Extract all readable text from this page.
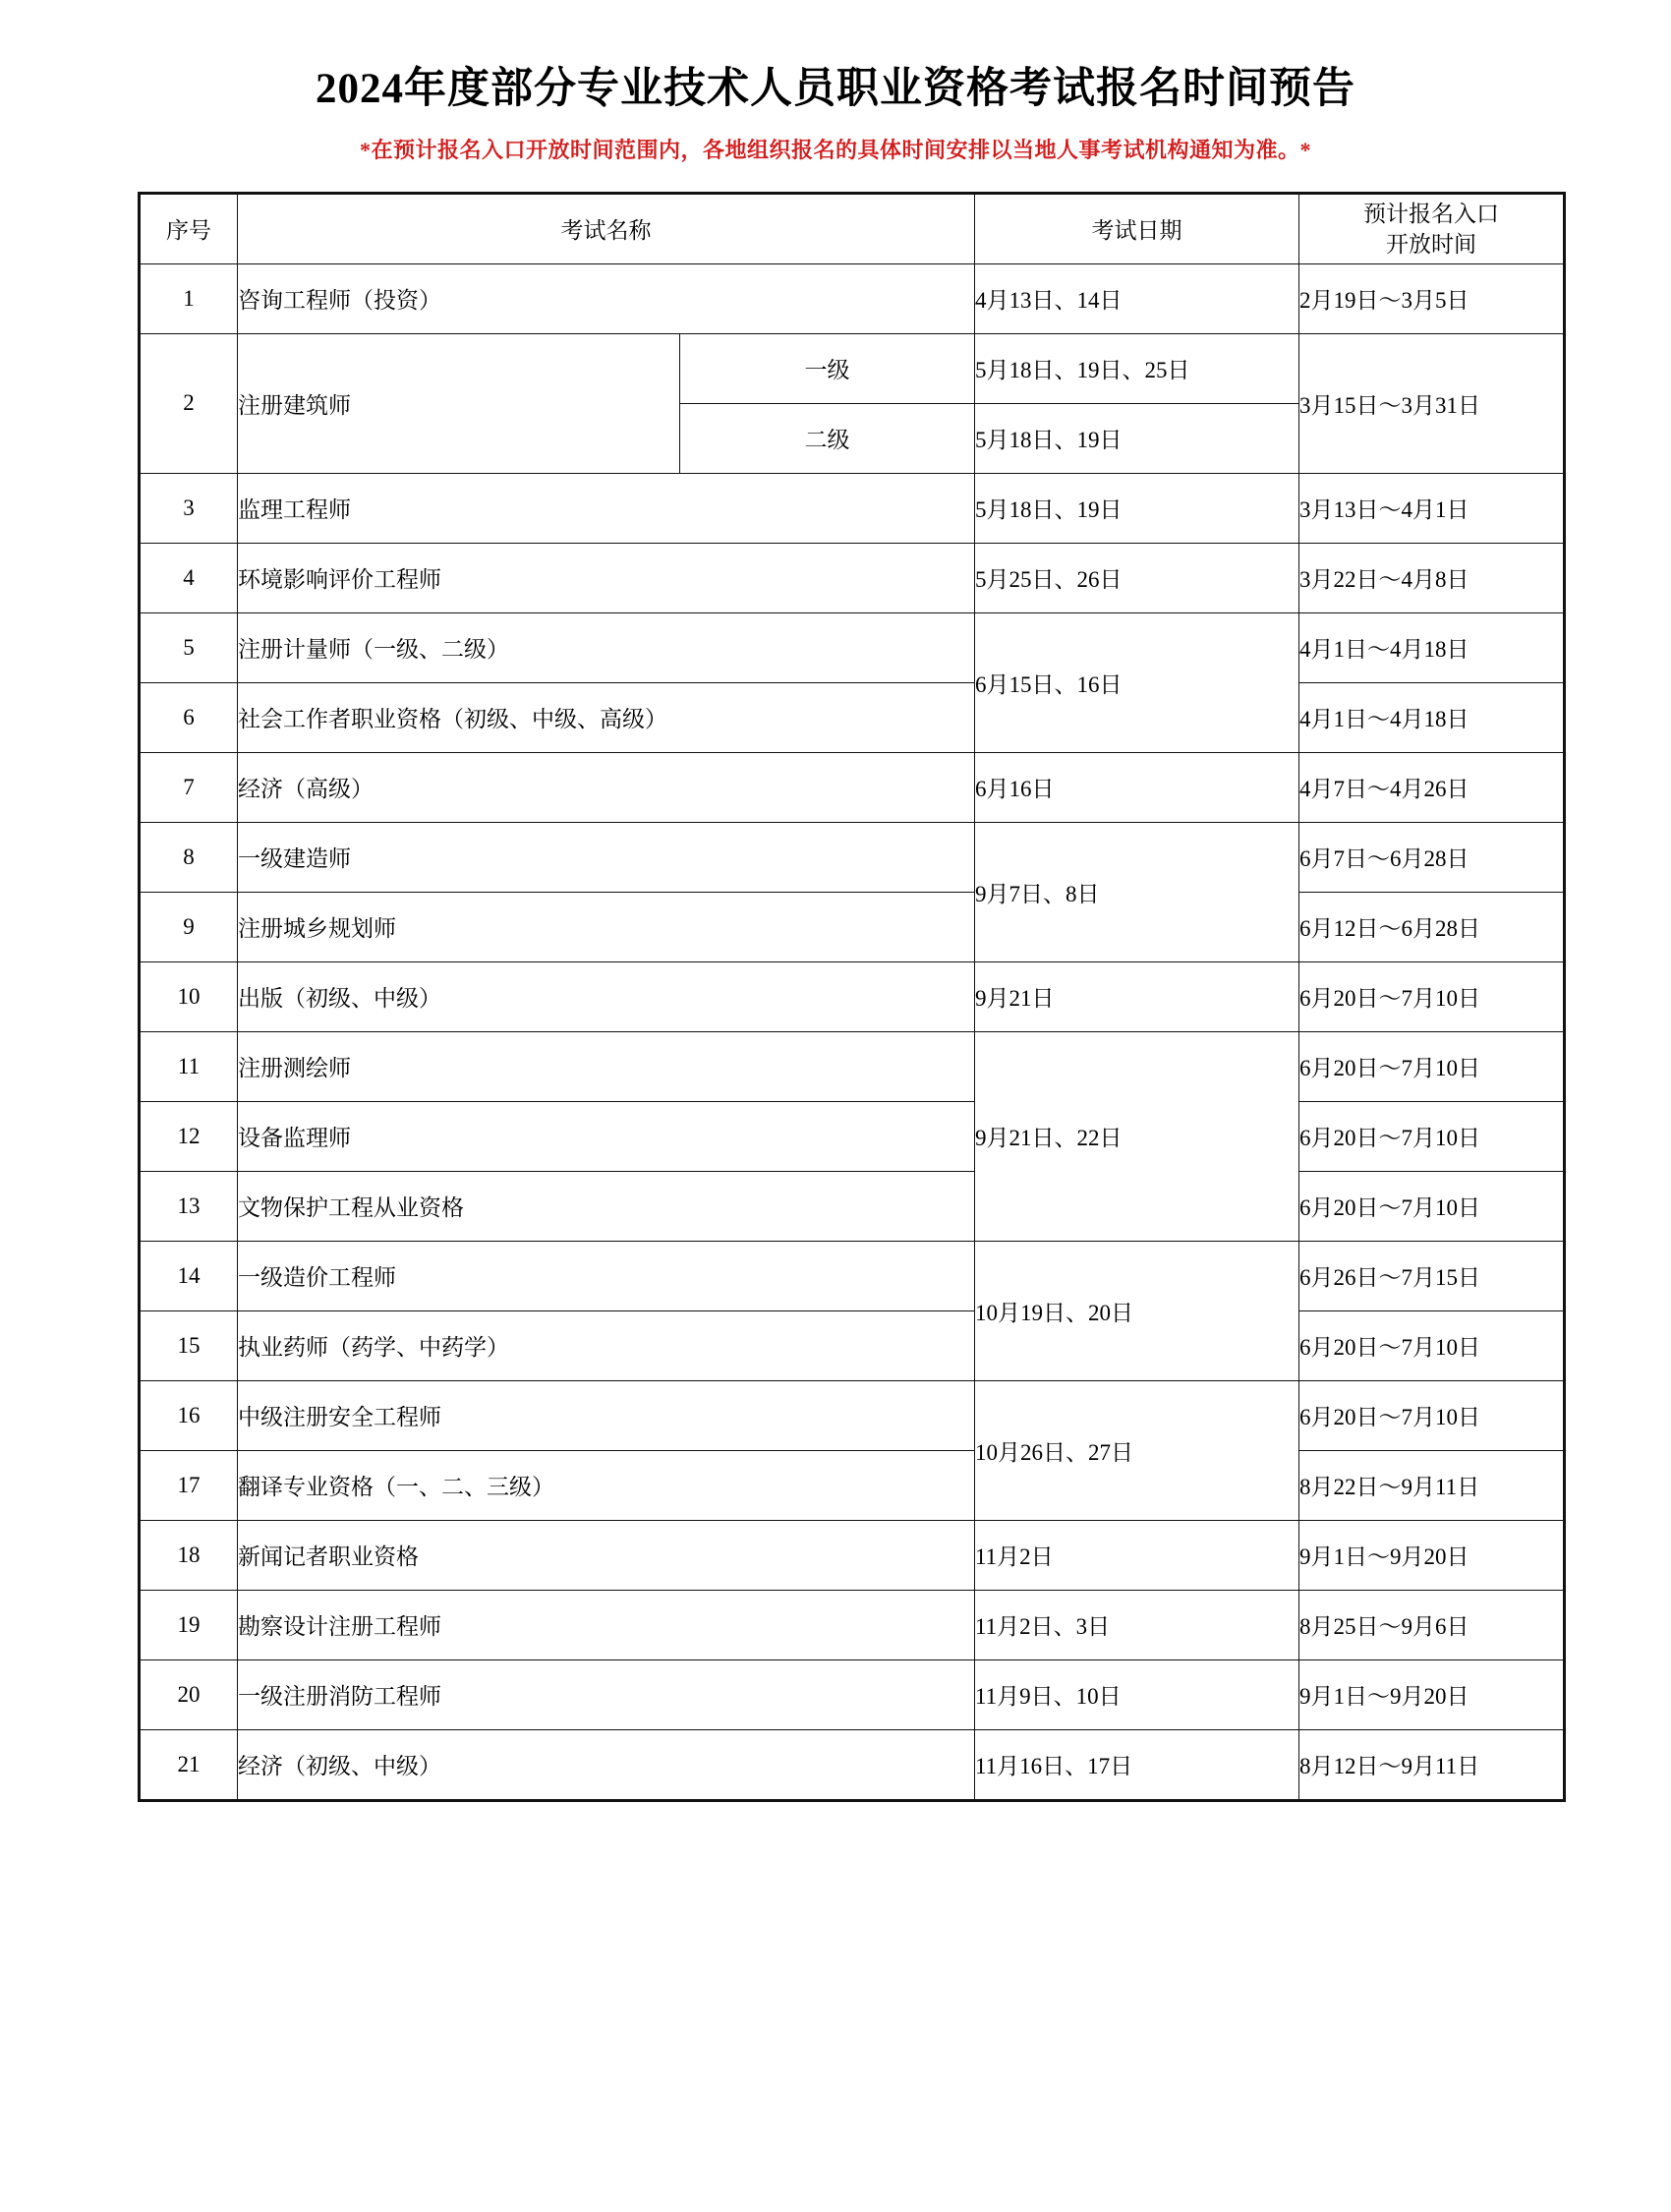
2024年度部分专业技术人员职业资格考试报名时间预告

*在预计报名入口开放时间范围内，各地组织报名的具体时间安排以当地人事考试机构通知为准。*

序号	考试名称		考试日期	预计报名入口
开放时间

1	咨询工程师（投资）		4月13日、14日	2月19日～3月5日
2	注册建筑师	一级	5月18日、19日、25日	3月15日～3月31日
		二级	5月18日、19日	
3	监理工程师		5月18日、19日	3月13日～4月1日
4	环境影响评价工程师		5月25日、26日	3月22日～4月8日
5	注册计量师（一级、二级）		6月15日、16日	4月1日～4月18日
6	社会工作者职业资格（初级、中级、高级）			4月1日～4月18日
7	经济（高级）		6月16日	4月7日～4月26日
8	一级建造师		9月7日、8日	6月7日～6月28日
9	注册城乡规划师			6月12日～6月28日
10	出版（初级、中级）		9月21日	6月20日～7月10日
11	注册测绘师		9月21日、22日	6月20日～7月10日
12	设备监理师			6月20日～7月10日
13	文物保护工程从业资格			6月20日～7月10日
14	一级造价工程师		10月19日、20日	6月26日～7月15日
15	执业药师（药学、中药学）			6月20日～7月10日
16	中级注册安全工程师		10月26日、27日	6月20日～7月10日
17	翻译专业资格（一、二、三级）			8月22日～9月11日
18	新闻记者职业资格		11月2日	9月1日～9月20日
19	勘察设计注册工程师		11月2日、3日	8月25日～9月6日
20	一级注册消防工程师		11月9日、10日	9月1日～9月20日
21	经济（初级、中级）		11月16日、17日	8月12日～9月11日
